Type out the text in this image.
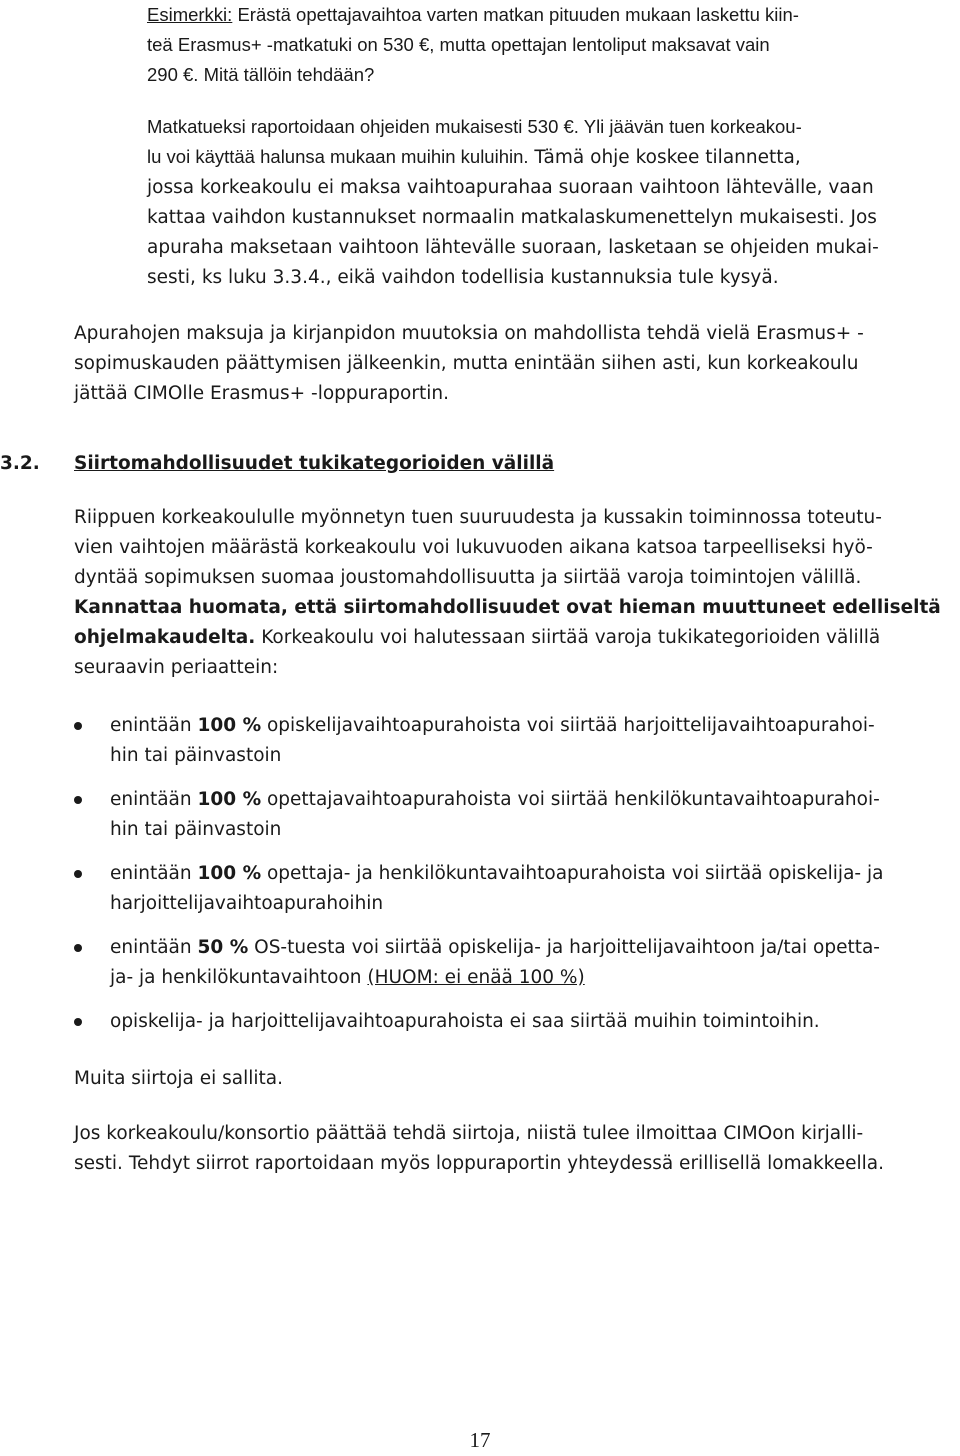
Esimerkki: Erästä opettajavaihtoa varten matkan pituuden mukaan laskettu kiin-
teä Erasmus+ -matkatuki on 530 €, mutta opettajan lentoliput maksavat vain
290 €. Mitä tällöin tehdään?
Matkatueksi raportoidaan ohjeiden mukaisesti 530 €. Yli jäävän tuen korkeakou-
lu voi käyttää halunsa mukaan muihin kuluihin. Tämä ohje koskee tilannetta,
jossa korkeakoulu ei maksa vaihtoapurahaa suoraan vaihtoon lähtevälle, vaan
kattaa vaihdon kustannukset normaalin matkalaskumenettelyn mukaisesti. Jos
apuraha maksetaan vaihtoon lähtevälle suoraan, lasketaan se ohjeiden mukai-
sesti, ks luku 3.3.4., eikä vaihdon todellisia kustannuksia tule kysyä.
Apurahojen maksuja ja kirjanpidon muutoksia on mahdollista tehdä vielä Erasmus+ -
sopimuskauden päättymisen jälkeenkin, mutta enintään siihen asti, kun korkeakoulu
jättää CIMOlle Erasmus+ -loppuraportin.
3.2. Siirtomahdollisuudet tukikategorioiden välillä
Riippuen korkeakoululle myönnetyn tuen suuruudesta ja kussakin toiminnossa toteutu-
vien vaihtojen määrästä korkeakoulu voi lukuvuoden aikana katsoa tarpeelliseksi hyö-
dyntää sopimuksen suomaa joustomahdollisuutta ja siirtää varoja toimintojen välillä.
Kannattaa huomata, että siirtomahdollisuudet ovat hieman muuttuneet edelliseltä
ohjelmakaudelta. Korkeakoulu voi halutessaan siirtää varoja tukikategorioiden välillä
seuraavin periaattein:
enintään 100 % opiskelijavaihtoapurahoista voi siirtää harjoittelijavaihtoapurahoi-
hin tai päinvastoin
enintään 100 % opettajavaihtoapurahoista voi siirtää henkilökuntavaihtoapurahoi-
hin tai päinvastoin
enintään 100 % opettaja- ja henkilökuntavaihtoapurahoista voi siirtää opiskelija- ja
harjoittelijavaihtoapurahoihin
enintään 50 % OS-tuesta voi siirtää opiskelija- ja harjoittelijavaihtoon ja/tai opetta-
ja- ja henkilökuntavaihtoon (HUOM: ei enää 100 %)
opiskelija- ja harjoittelijavaihtoapurahoista ei saa siirtää muihin toimintoihin.
Muita siirtoja ei sallita.
Jos korkeakoulu/konsortio päättää tehdä siirtoja, niistä tulee ilmoittaa CIMOon kirjalli-
sesti. Tehdyt siirrot raportoidaan myös loppuraportin yhteydessä erillisellä lomakkeella.
17
